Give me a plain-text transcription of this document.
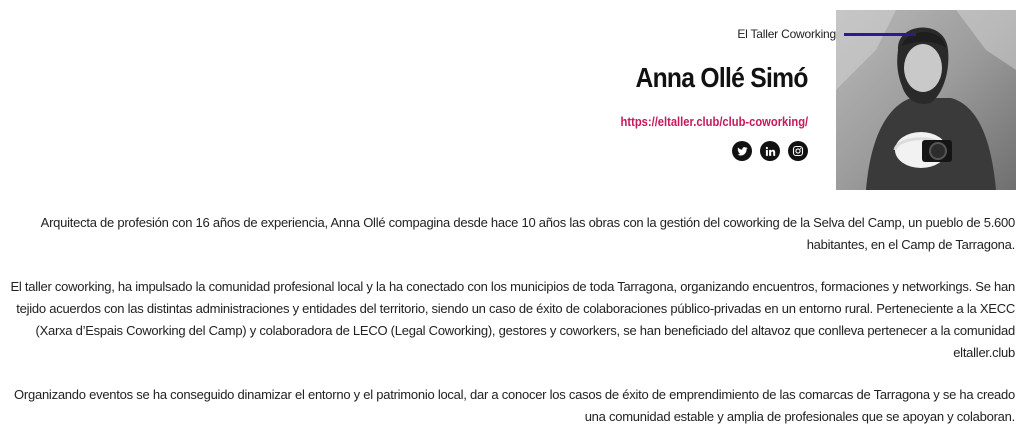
El Taller Coworking
Anna Ollé Simó
https://eltaller.club/club-coworking/

Arquitecta de profesión con 16 años de experiencia, Anna Ollé compagina desde hace 10 años las obras con la gestión del coworking de la Selva del Camp, un pueblo de 5.600 habitantes, en el Camp de Tarragona.

El taller coworking, ha impulsado la comunidad profesional local y la ha conectado con los municipios de toda Tarragona, organizando encuentros, formaciones y networkings. Se han tejido acuerdos con las distintas administraciones y entidades del territorio, siendo un caso de éxito de colaboraciones público-privadas en un entorno rural. Perteneciente a la XECC (Xarxa d’Espais Coworking del Camp) y colaboradora de LECO (Legal Coworking), gestores y coworkers, se han beneficiado del altavoz que conlleva pertenecer a la comunidad eltaller.club

Organizando eventos se ha conseguido dinamizar el entorno y el patrimonio local, dar a conocer los casos de éxito de emprendimiento de las comarcas de Tarragona y se ha creado una comunidad estable y amplia de profesionales que se apoyan y colaboran.
